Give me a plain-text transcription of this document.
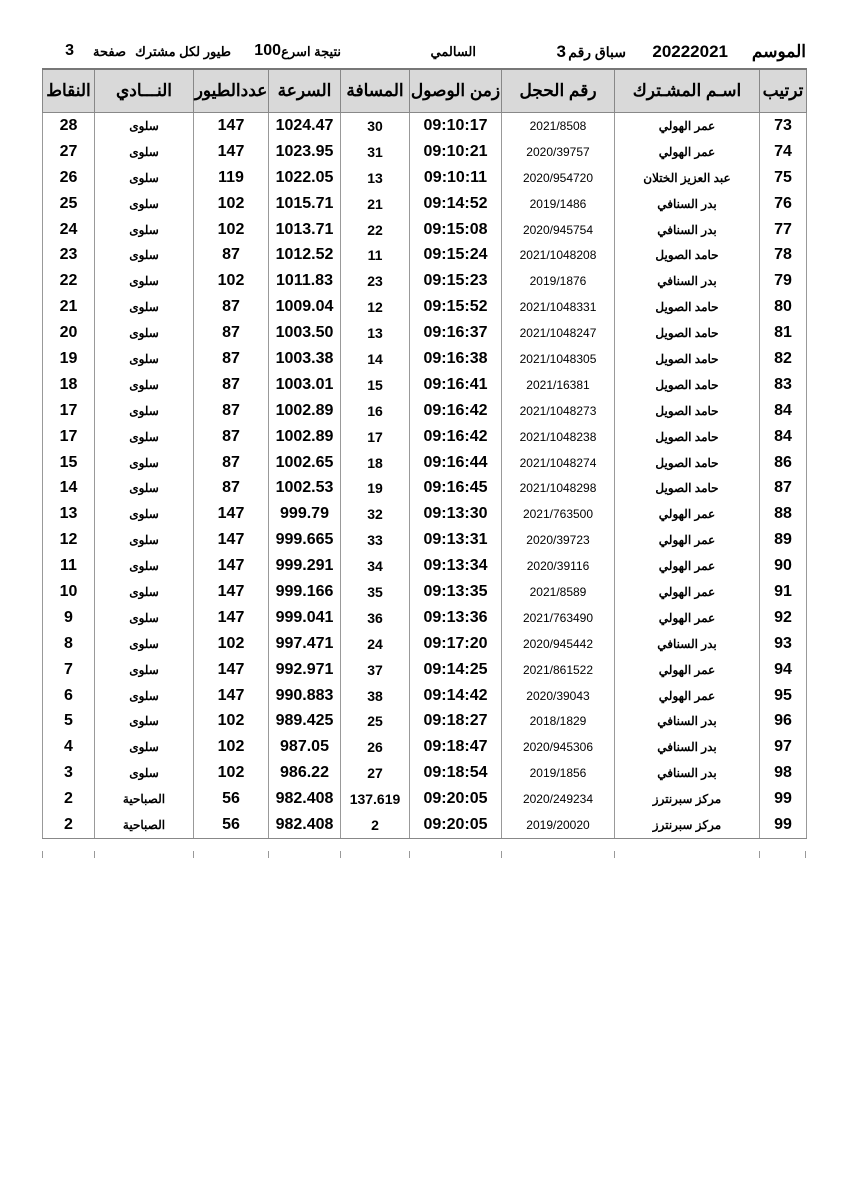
الموسم
20222021
سباق رقم
3
السالمي
نتيجة اسرع
100
طيور لكل مشترك
صفحة
3
ترتيب	اسـم المشـترك	رقم الحجل	زمن الوصول	المسافة	السرعة	عددالطيور	النـــادي	النقاط
73	عمر الهولي	2021/8508	09:10:17	30	1024.47	147	سلوى	28
74	عمر الهولي	2020/39757	09:10:21	31	1023.95	147	سلوى	27
75	عبد العزيز الختلان	2020/954720	09:10:11	13	1022.05	119	سلوى	26
76	بدر السنافي	2019/1486	09:14:52	21	1015.71	102	سلوى	25
77	بدر السنافي	2020/945754	09:15:08	22	1013.71	102	سلوى	24
78	حامد الصويل	2021/1048208	09:15:24	11	1012.52	87	سلوى	23
79	بدر السنافي	2019/1876	09:15:23	23	1011.83	102	سلوى	22
80	حامد الصويل	2021/1048331	09:15:52	12	1009.04	87	سلوى	21
81	حامد الصويل	2021/1048247	09:16:37	13	1003.50	87	سلوى	20
82	حامد الصويل	2021/1048305	09:16:38	14	1003.38	87	سلوى	19
83	حامد الصويل	2021/16381	09:16:41	15	1003.01	87	سلوى	18
84	حامد الصويل	2021/1048273	09:16:42	16	1002.89	87	سلوى	17
84	حامد الصويل	2021/1048238	09:16:42	17	1002.89	87	سلوى	17
86	حامد الصويل	2021/1048274	09:16:44	18	1002.65	87	سلوى	15
87	حامد الصويل	2021/1048298	09:16:45	19	1002.53	87	سلوى	14
88	عمر الهولي	2021/763500	09:13:30	32	999.79	147	سلوى	13
89	عمر الهولي	2020/39723	09:13:31	33	999.665	147	سلوى	12
90	عمر الهولي	2020/39116	09:13:34	34	999.291	147	سلوى	11
91	عمر الهولي	2021/8589	09:13:35	35	999.166	147	سلوى	10
92	عمر الهولي	2021/763490	09:13:36	36	999.041	147	سلوى	9
93	بدر السنافي	2020/945442	09:17:20	24	997.471	102	سلوى	8
94	عمر الهولي	2021/861522	09:14:25	37	992.971	147	سلوى	7
95	عمر الهولي	2020/39043	09:14:42	38	990.883	147	سلوى	6
96	بدر السنافي	2018/1829	09:18:27	25	989.425	102	سلوى	5
97	بدر السنافي	2020/945306	09:18:47	26	987.05	102	سلوى	4
98	بدر السنافي	2019/1856	09:18:54	27	986.22	102	سلوى	3
99	مركز سبرنترز	2020/249234	09:20:05	137.619	982.408	56	الصباحية	2
99	مركز سبرنترز	2019/20020	09:20:05	2	982.408	56	الصباحية	2
